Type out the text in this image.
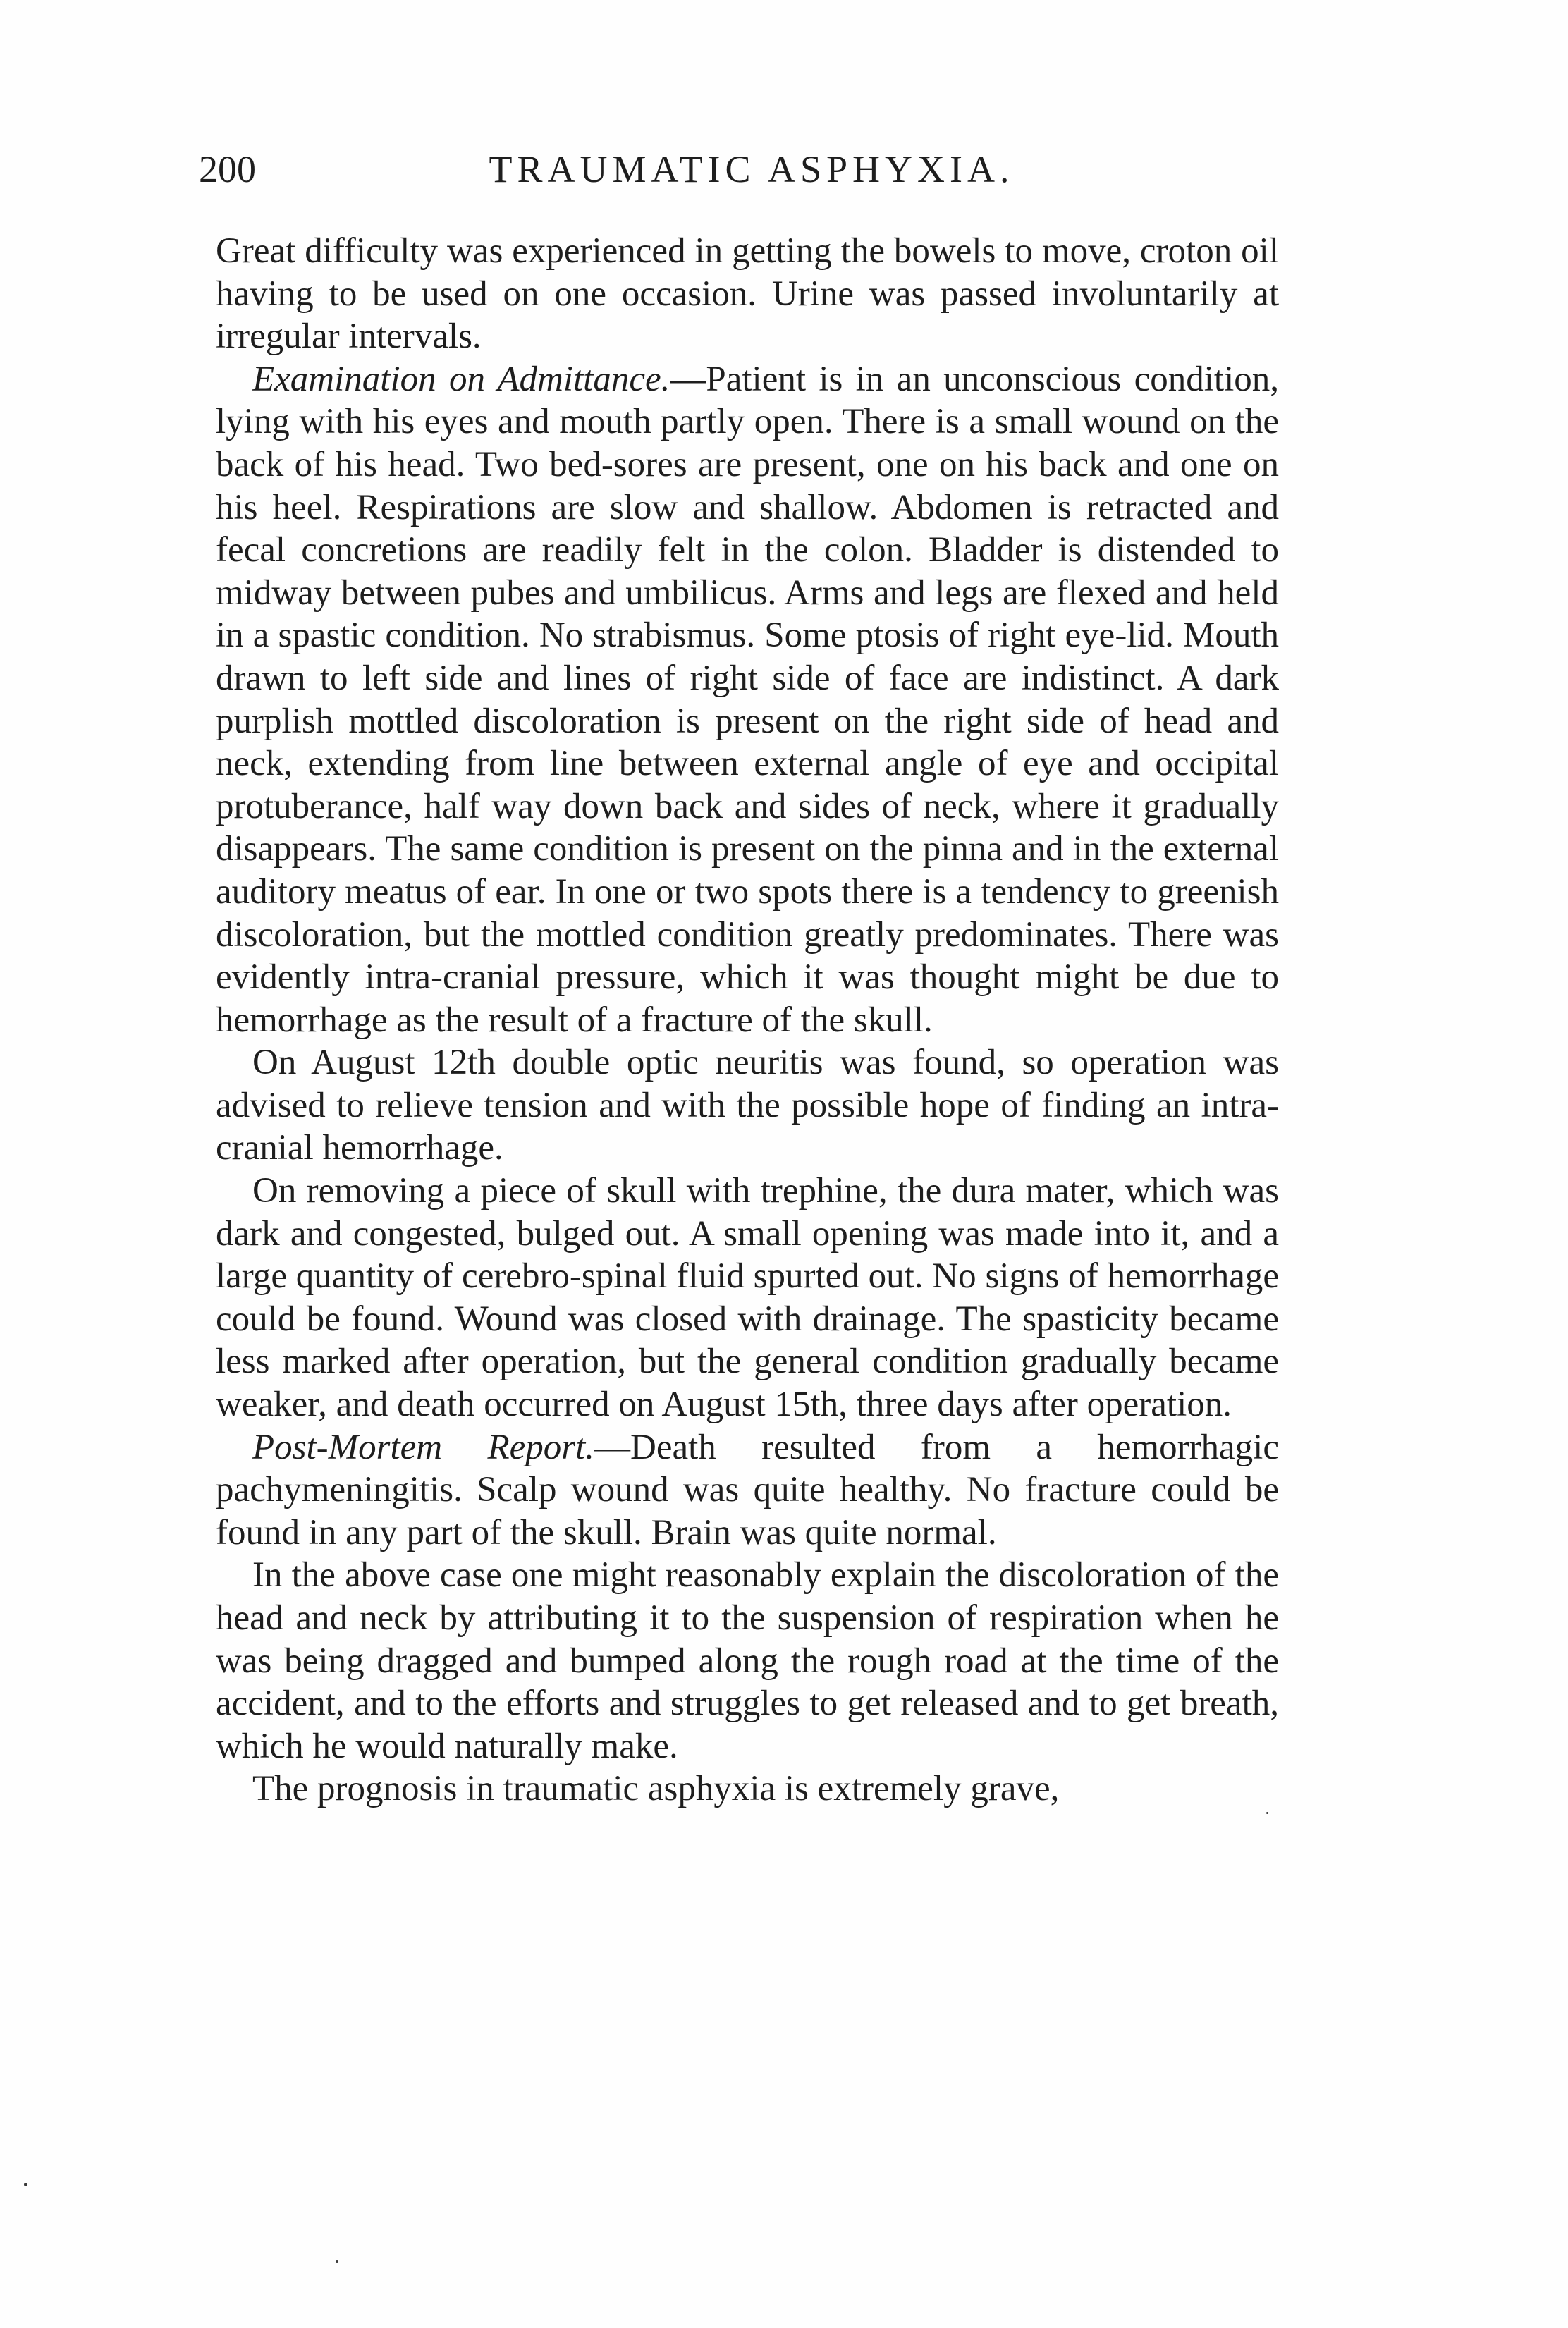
200	TRAUMATIC ASPHYXIA.

Great difficulty was experienced in getting the bowels to move, croton oil having to be used on one occasion. Urine was passed involuntarily at irregular intervals.

Examination on Admittance.—Patient is in an unconscious condition, lying with his eyes and mouth partly open. There is a small wound on the back of his head. Two bed-sores are present, one on his back and one on his heel. Respirations are slow and shallow. Abdomen is retracted and fecal concretions are readily felt in the colon. Bladder is distended to midway between pubes and umbilicus. Arms and legs are flexed and held in a spastic condition. No strabismus. Some ptosis of right eye-lid. Mouth drawn to left side and lines of right side of face are indistinct. A dark purplish mottled discoloration is present on the right side of head and neck, extending from line between external angle of eye and occipital protuberance, half way down back and sides of neck, where it gradually disappears. The same condition is present on the pinna and in the external auditory meatus of ear. In one or two spots there is a tendency to greenish discoloration, but the mottled condition greatly predominates. There was evidently intra-cranial pressure, which it was thought might be due to hemorrhage as the result of a fracture of the skull.

On August 12th double optic neuritis was found, so operation was advised to relieve tension and with the possible hope of finding an intra-cranial hemorrhage.

On removing a piece of skull with trephine, the dura mater, which was dark and congested, bulged out. A small opening was made into it, and a large quantity of cerebro-spinal fluid spurted out. No signs of hemorrhage could be found. Wound was closed with drainage. The spasticity became less marked after operation, but the general condition gradually became weaker, and death occurred on August 15th, three days after operation.

Post-Mortem Report.—Death resulted from a hemorrhagic pachymeningitis. Scalp wound was quite healthy. No fracture could be found in any part of the skull. Brain was quite normal.

In the above case one might reasonably explain the discoloration of the head and neck by attributing it to the suspension of respiration when he was being dragged and bumped along the rough road at the time of the accident, and to the efforts and struggles to get released and to get breath, which he would naturally make.

The prognosis in traumatic asphyxia is extremely grave,
